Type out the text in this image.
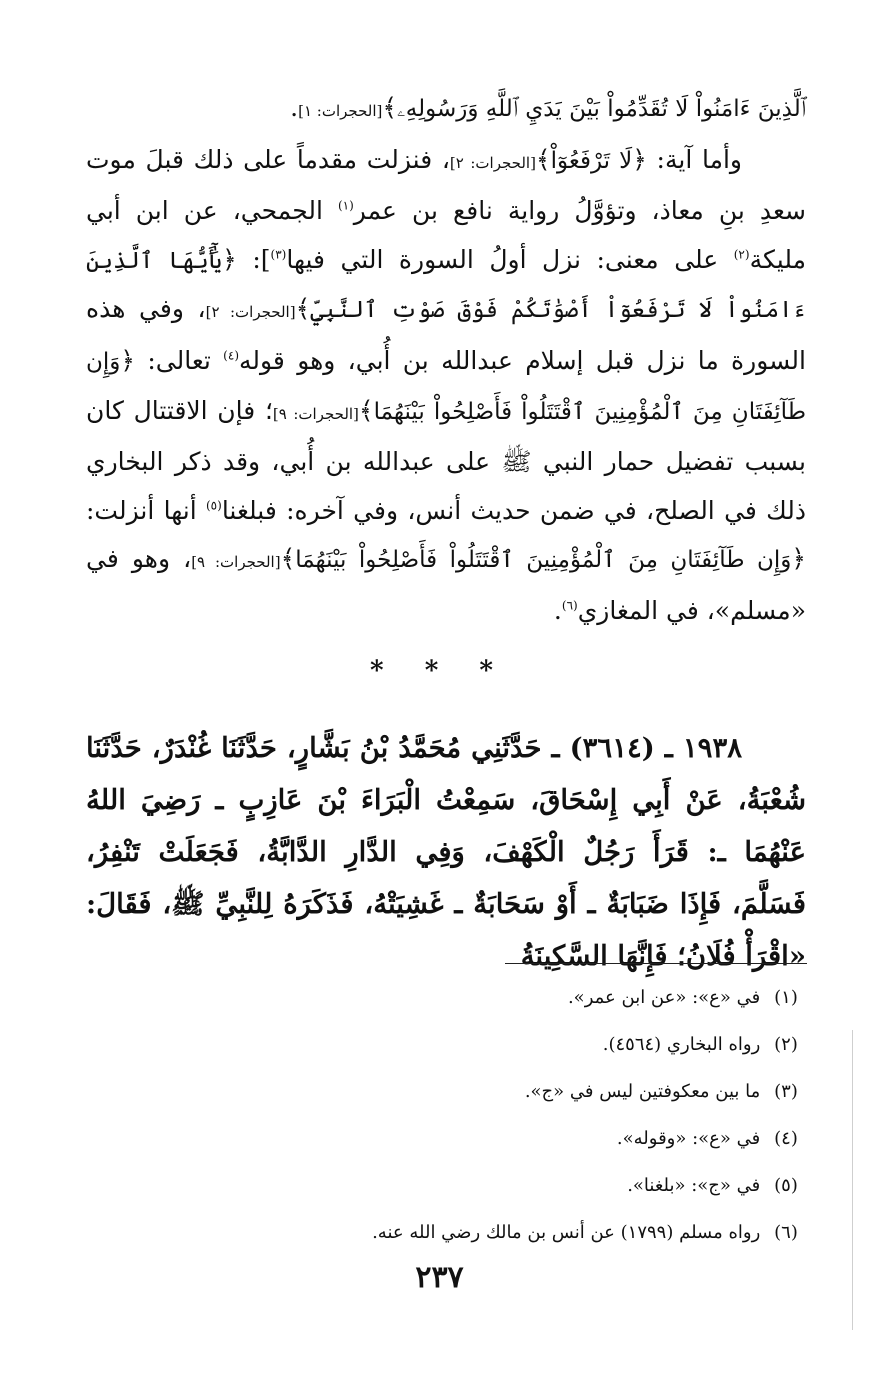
ٱلَّذِينَ ءَامَنُواْ لَا تُقَدِّمُواْ بَيْنَ يَدَيِ ٱللَّهِ وَرَسُولِهِۦ﴾[الحجرات: ١].

وأما آية: ﴿لَا تَرْفَعُوٓاْ﴾[الحجرات: ٢]، فنزلت مقدماً على ذلك قبلَ موت سعدِ بنِ معاذ، وتؤوَّلُ رواية نافع بن عمر$^{(١)}$ الجمحي، عن ابن أبي مليكة$^{(٢)}$ على معنى: نزل أولُ السورة التي فيها$^{(٣)}$]: ﴿يَٰٓأَيُّهَا ٱلَّذِينَ ءَامَنُواْ لَا تَرْفَعُوٓاْ أَصْوَٰتَكُمْ فَوْقَ صَوْتِ ٱلنَّبِيِّ﴾[الحجرات: ٢]، وفي هذه السورة ما نزل قبل إسلام عبدالله بن أُبي، وهو قوله$^{(٤)}$ تعالى: ﴿وَإِن طَآئِفَتَانِ مِنَ ٱلْمُؤْمِنِينَ ٱقْتَتَلُواْ فَأَصْلِحُواْ بَيْنَهُمَا﴾[الحجرات: ٩]؛ فإن الاقتتال كان بسبب تفضيل حمار النبي ﷺ على عبدالله بن أُبي، وقد ذكر البخاري ذلك في الصلح، في ضمن حديث أنس، وفي آخره: فبلغنا$^{(٥)}$ أنها أنزلت: ﴿وَإِن طَآئِفَتَانِ مِنَ ٱلْمُؤْمِنِينَ ٱقْتَتَلُواْ فَأَصْلِحُواْ بَيْنَهُمَا﴾[الحجرات: ٩]، وهو في «مسلم»، في المغازي$^{(٦)}$.

* * *
١٩٣٨ ـ (٣٦١٤) ـ حَدَّثَنِي مُحَمَّدُ بْنُ بَشَّارٍ، حَدَّثَنَا غُنْدَرٌ، حَدَّثَنَا شُعْبَةُ، عَنْ أَبِي إِسْحَاقَ، سَمِعْتُ الْبَرَاءَ بْنَ عَازِبٍ ـ رَضِيَ اللهُ عَنْهُمَا ـ: قَرَأَ رَجُلٌ الْكَهْفَ، وَفِي الدَّارِ الدَّابَّةُ، فَجَعَلَتْ تَنْفِرُ، فَسَلَّمَ، فَإِذَا ضَبَابَةٌ ـ أَوْ سَحَابَةٌ ـ غَشِيَتْهُ، فَذَكَرَهُ لِلنَّبِيِّ ﷺ، فَقَالَ: «اقْرَأْ فُلَانُ؛ فَإِنَّهَا السَّكِينَةُ
(١) في «ع»: «عن ابن عمر».
(٢) رواه البخاري (٤٥٦٤).
(٣) ما بين معكوفتين ليس في «ج».
(٤) في «ع»: «وقوله».
(٥) في «ج»: «بلغنا».
(٦) رواه مسلم (١٧٩٩) عن أنس بن مالك رضي الله عنه.
٢٣٧
